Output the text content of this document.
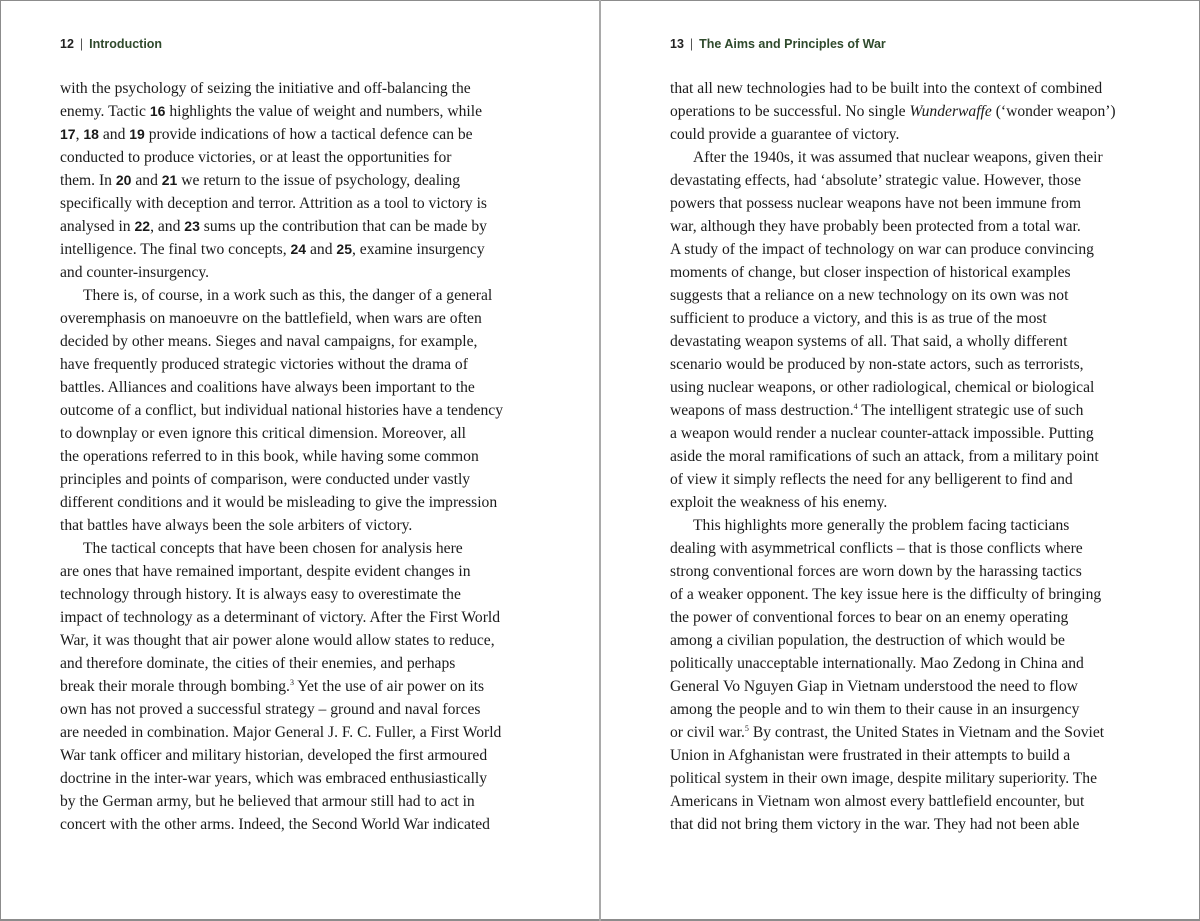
12 | Introduction
with the psychology of seizing the initiative and off-balancing the
enemy. Tactic 16 highlights the value of weight and numbers, while
17, 18 and 19 provide indications of how a tactical defence can be
conducted to produce victories, or at least the opportunities for
them. In 20 and 21 we return to the issue of psychology, dealing
specifically with deception and terror. Attrition as a tool to victory is
analysed in 22, and 23 sums up the contribution that can be made by
intelligence. The final two concepts, 24 and 25, examine insurgency
and counter-insurgency.
There is, of course, in a work such as this, the danger of a general
overemphasis on manoeuvre on the battlefield, when wars are often
decided by other means. Sieges and naval campaigns, for example,
have frequently produced strategic victories without the drama of
battles. Alliances and coalitions have always been important to the
outcome of a conflict, but individual national histories have a tendency
to downplay or even ignore this critical dimension. Moreover, all
the operations referred to in this book, while having some common
principles and points of comparison, were conducted under vastly
different conditions and it would be misleading to give the impression
that battles have always been the sole arbiters of victory.
The tactical concepts that have been chosen for analysis here
are ones that have remained important, despite evident changes in
technology through history. It is always easy to overestimate the
impact of technology as a determinant of victory. After the First World
War, it was thought that air power alone would allow states to reduce,
and therefore dominate, the cities of their enemies, and perhaps
break their morale through bombing.$^3$ Yet the use of air power on its
own has not proved a successful strategy – ground and naval forces
are needed in combination. Major General J. F. C. Fuller, a First World
War tank officer and military historian, developed the first armoured
doctrine in the inter-war years, which was embraced enthusiastically
by the German army, but he believed that armour still had to act in
concert with the other arms. Indeed, the Second World War indicated
13 | The Aims and Principles of War
that all new technologies had to be built into the context of combined
operations to be successful. No single Wunderwaffe (‘wonder weapon’)
could provide a guarantee of victory.
After the 1940s, it was assumed that nuclear weapons, given their
devastating effects, had ‘absolute’ strategic value. However, those
powers that possess nuclear weapons have not been immune from
war, although they have probably been protected from a total war.
A study of the impact of technology on war can produce convincing
moments of change, but closer inspection of historical examples
suggests that a reliance on a new technology on its own was not
sufficient to produce a victory, and this is as true of the most
devastating weapon systems of all. That said, a wholly different
scenario would be produced by non-state actors, such as terrorists,
using nuclear weapons, or other radiological, chemical or biological
weapons of mass destruction.$^4$ The intelligent strategic use of such
a weapon would render a nuclear counter-attack impossible. Putting
aside the moral ramifications of such an attack, from a military point
of view it simply reflects the need for any belligerent to find and
exploit the weakness of his enemy.
This highlights more generally the problem facing tacticians
dealing with asymmetrical conflicts – that is those conflicts where
strong conventional forces are worn down by the harassing tactics
of a weaker opponent. The key issue here is the difficulty of bringing
the power of conventional forces to bear on an enemy operating
among a civilian population, the destruction of which would be
politically unacceptable internationally. Mao Zedong in China and
General Vo Nguyen Giap in Vietnam understood the need to flow
among the people and to win them to their cause in an insurgency
or civil war.$^5$ By contrast, the United States in Vietnam and the Soviet
Union in Afghanistan were frustrated in their attempts to build a
political system in their own image, despite military superiority. The
Americans in Vietnam won almost every battlefield encounter, but
that did not bring them victory in the war. They had not been able
